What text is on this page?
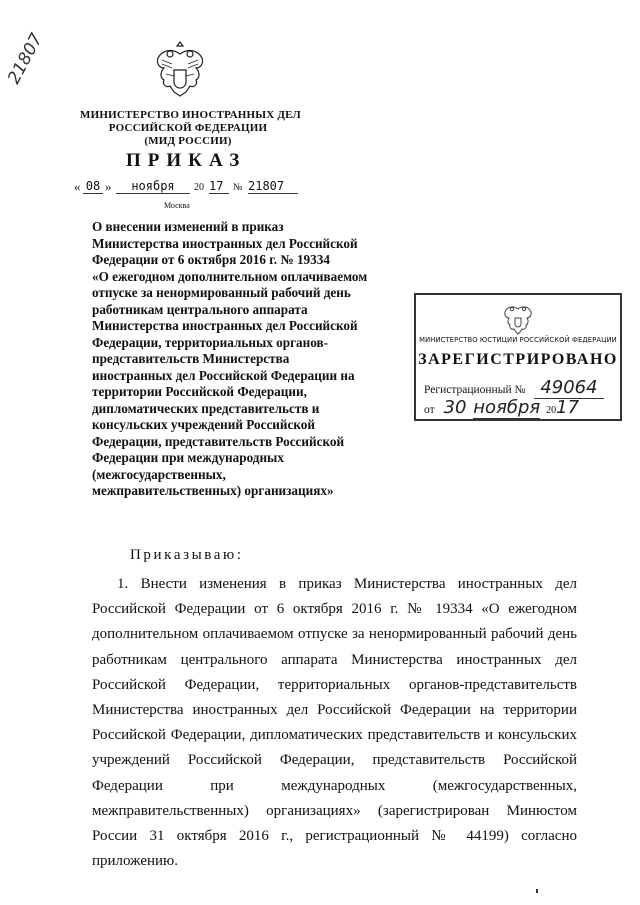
21807
МИНИСТЕРСТВО ИНОСТРАННЫХ ДЕЛ
РОССИЙСКОЙ ФЕДЕРАЦИИ
(МИД РОССИИ)
ПРИКАЗ
« 08 »	ноября	20 17 № 21807
Москва
О внесении изменений в приказ
Министерства иностранных дел Российской
Федерации от 6 октября 2016 г. № 19334
«О ежегодном дополнительном оплачиваемом
отпуске за ненормированный рабочий день
работникам центрального аппарата
Министерства иностранных дел Российской
Федерации, территориальных органов-
представительств Министерства
иностранных дел Российской Федерации на
территории Российской Федерации,
дипломатических представительств и
консульских учреждений Российской
Федерации, представительств Российской
Федерации при международных
(межгосударственных,
межправительственных) организациях»
МИНИСТЕРСТВО ЮСТИЦИИ РОССИЙСКОЙ ФЕДЕРАЦИИ
ЗАРЕГИСТРИРОВАНО
Регистрационный № 49064
от 30 ноября 2017
Приказываю:

1. Внести изменения в приказ Министерства иностранных дел Российской Федерации от 6 октября 2016 г. № 19334 «О ежегодном дополнительном оплачиваемом отпуске за ненормированный рабочий день работникам центрального аппарата Министерства иностранных дел Российской Федерации, территориальных органов-представительств Министерства иностранных дел Российской Федерации на территории Российской Федерации, дипломатических представительств и консульских учреждений Российской Федерации, представительств Российской Федерации при международных (межгосударственных, межправительственных) организациях» (зарегистрирован Минюстом России 31 октября 2016 г., регистрационный № 44199) согласно приложению.
